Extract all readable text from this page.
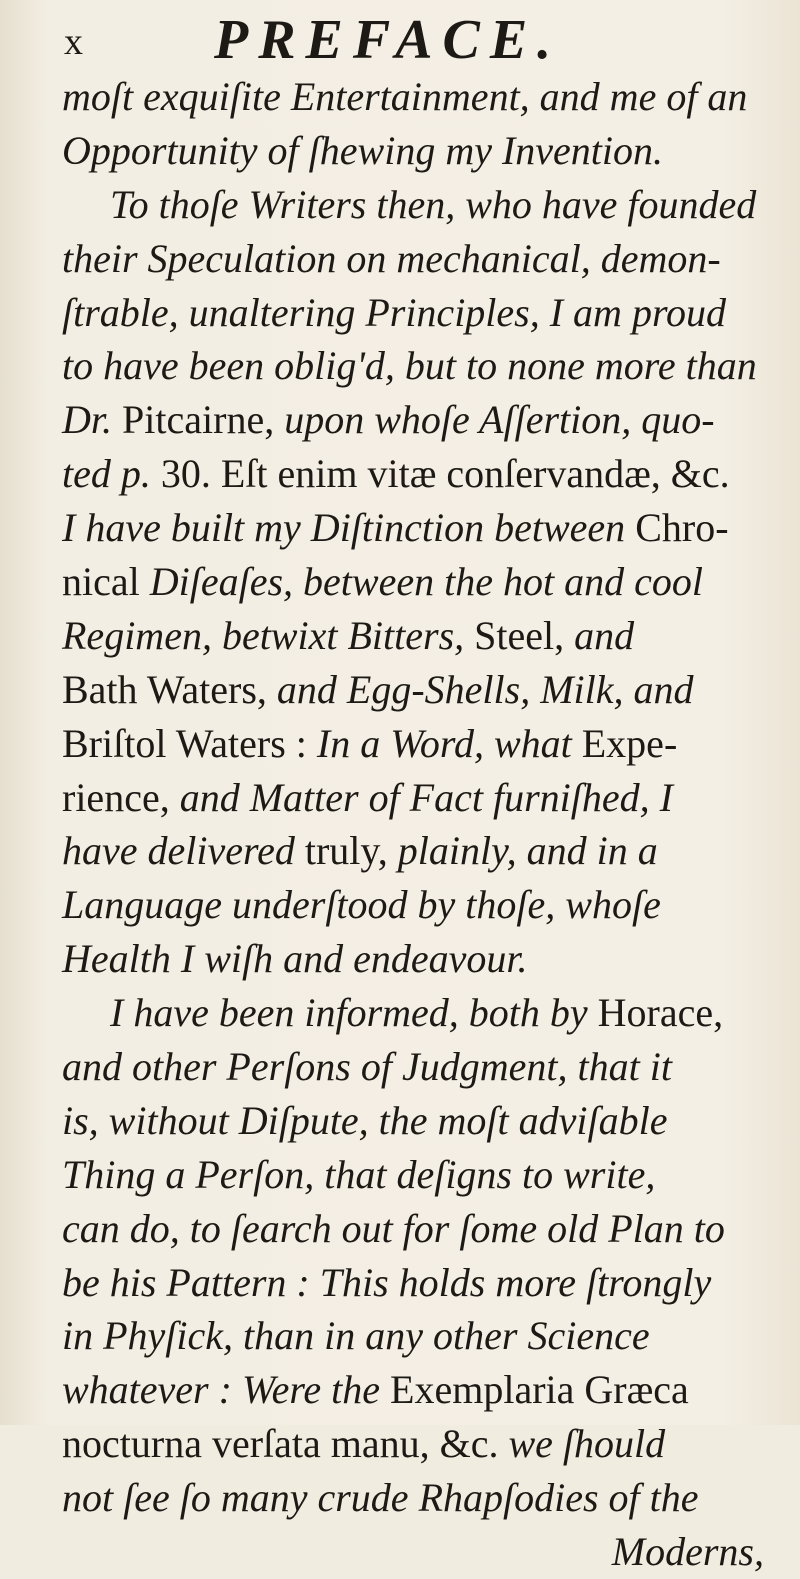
x PREFACE.
moſt exquiſite Entertainment, and me of an
Opportunity of ſhewing my Invention.
To thoſe Writers then, who have founded
their Speculation on mechanical, demon-
ſtrable, unaltering Principles, I am proud
to have been oblig'd, but to none more than
Dr. Pitcairne, upon whoſe Aſſertion, quo-
ted p. 30. Eſt enim vitæ conſervandæ, &c.
I have built my Diſtinction between Chro-
nical Diſeaſes, between the hot and cool
Regimen, betwixt Bitters, Steel, and
Bath Waters, and Egg-Shells, Milk, and
Briſtol Waters : In a Word, what Expe-
rience, and Matter of Fact furniſhed, I
have delivered truly, plainly, and in a
Language underſtood by thoſe, whoſe
Health I wiſh and endeavour.
I have been informed, both by Horace,
and other Perſons of Judgment, that it
is, without Diſpute, the moſt adviſable
Thing a Perſon, that deſigns to write,
can do, to ſearch out for ſome old Plan to
be his Pattern : This holds more ſtrongly
in Phyſick, than in any other Science
whatever : Were the Exemplaria Græca
nocturna verſata manu, &c. we ſhould
not ſee ſo many crude Rhapſodies of the
Moderns,
